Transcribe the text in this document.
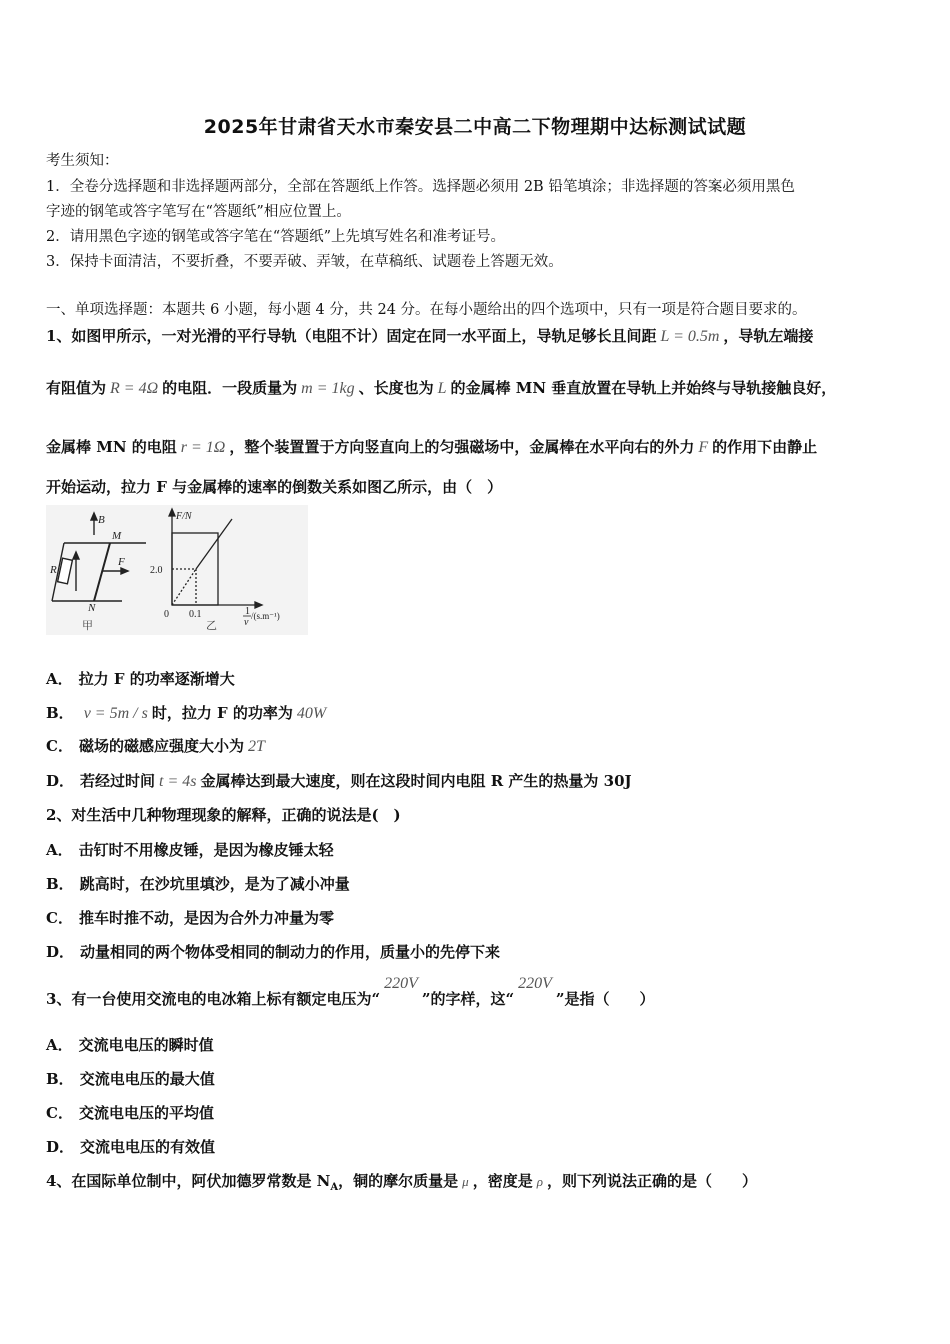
2025年甘肃省天水市秦安县二中高二下物理期中达标测试试题
考生须知：
1．全卷分选择题和非选择题两部分，全部在答题纸上作答。选择题必须用 2B 铅笔填涂；非选择题的答案必须用黑色
字迹的钢笔或答字笔写在“答题纸”相应位置上。
2．请用黑色字迹的钢笔或答字笔在“答题纸”上先填写姓名和准考证号。
3．保持卡面清洁，不要折叠，不要弄破、弄皱，在草稿纸、试题卷上答题无效。
一、单项选择题：本题共 6 小题，每小题 4 分，共 24 分。在每小题给出的四个选项中，只有一项是符合题目要求的。
1、如图甲所示，一对光滑的平行导轨（电阻不计）固定在同一水平面上，导轨足够长且间距 L = 0.5m ，导轨左端接
有阻值为 R = 4Ω 的电阻．一段质量为 m = 1kg 、长度也为 L 的金属棒 MN 垂直放置在导轨上并始终与导轨接触良好，
金属棒 MN 的电阻 r = 1Ω ，整个装置置于方向竖直向上的匀强磁场中，金属棒在水平向右的外力 F 的作用下由静止
开始运动，拉力 F 与金属棒的速率的倒数关系如图乙所示，由（　）
B
M
R
F
N
甲
F/N
2.0
0 0.1	1
v
/(s.m⁻¹)
乙
A． 拉力 F 的功率逐渐增大
B． v = 5m / s 时，拉力 F 的功率为 40W
C． 磁场的磁感应强度大小为 2T
D． 若经过时间 t = 4s 金属棒达到最大速度，则在这段时间内电阻 R 产生的热量为 30J
2、对生活中几种物理现象的解释，正确的说法是(　)
A． 击钉时不用橡皮锤，是因为橡皮锤太轻
B． 跳高时，在沙坑里填沙，是为了减小冲量
C． 推车时推不动，是因为合外力冲量为零
D． 动量相同的两个物体受相同的制动力的作用，质量小的先停下来
3、有一台使用交流电的电冰箱上标有额定电压为“220V”的字样，这“220V”是指（　　）
A． 交流电电压的瞬时值
B． 交流电电压的最大值
C． 交流电电压的平均值
D． 交流电电压的有效值
4、在国际单位制中，阿伏加德罗常数是 $N_A$，铜的摩尔质量是 μ ，密度是 ρ ，则下列说法正确的是（　　）
